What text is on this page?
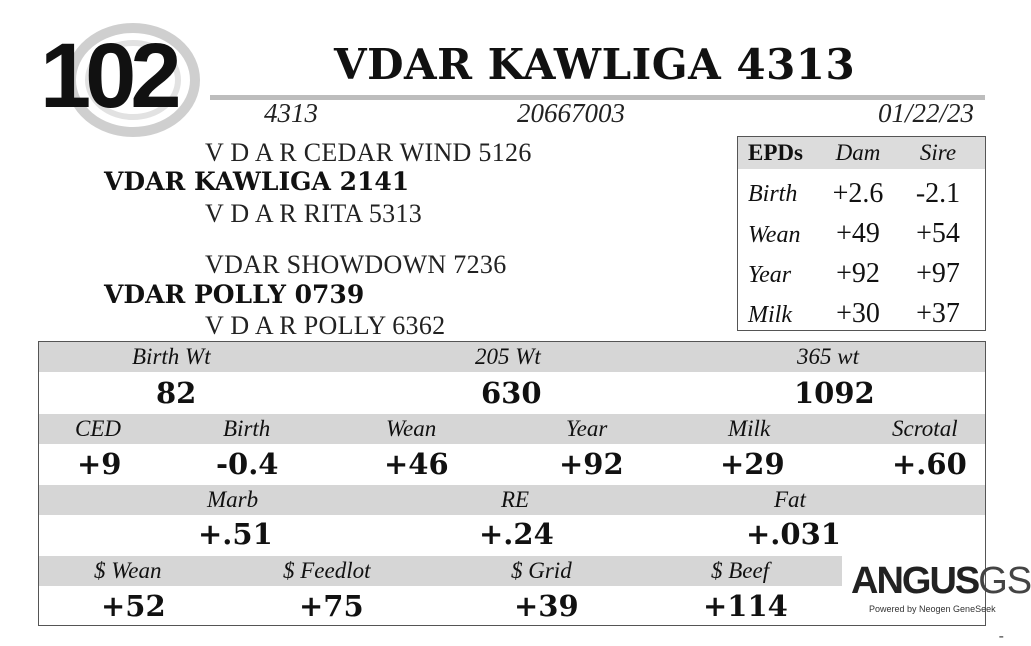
102	VDAR KAWLIGA 4313
4313	20667003	01/22/23
V D A R CEDAR WIND 5126
VDAR KAWLIGA 2141
V D A R RITA 5313
VDAR SHOWDOWN 7236
VDAR POLLY 0739
V D A R POLLY 6362
EPDs	Dam	Sire
Birth	+2.6	-2.1
Wean	+49	+54
Year	+92	+97
Milk	+30	+37
Birth Wt	205 Wt	365 wt
82	630	1092
CED	Birth	Wean	Year	Milk	Scrotal
+9	-0.4	+46	+92	+29	+.60
Marb	RE	Fat
+.51	+.24	+.031
$ Wean	$ Feedlot	$ Grid	$ Beef
+52	+75	+39	+114
ANGUSGS
Powered by Neogen GeneSeek
-
